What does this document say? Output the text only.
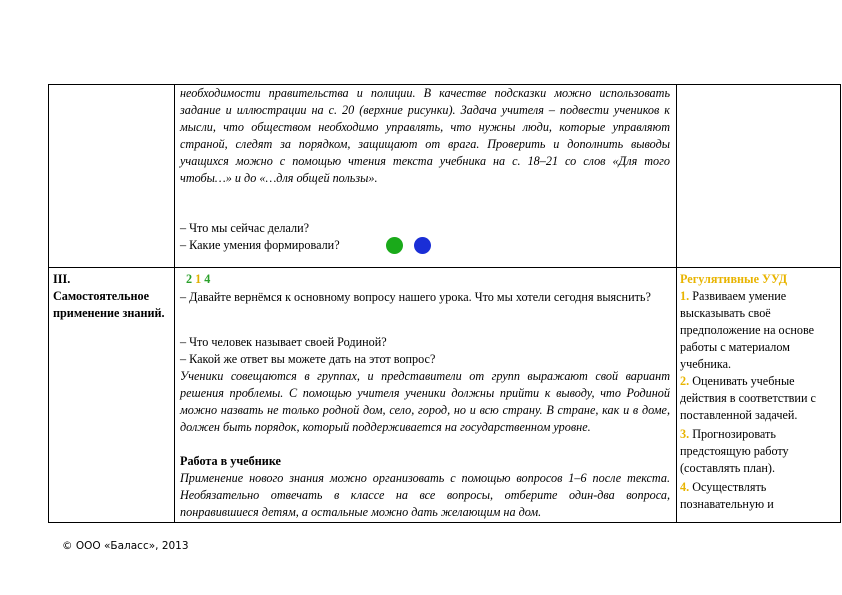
необходимости правительства и полиции. В качестве подсказки можно использовать задание и иллюстрации на с. 20 (верхние рисунки). Задача учителя – подвести учеников к мысли, что обществом необходимо управлять, что нужны люди, которые управляют страной, следят за порядком, защищают от врага. Проверить и дополнить выводы учащихся можно с помощью чтения текста учебника на с. 18–21 со слов «Для того чтобы…» и до «…для общей пользы».
– Что мы сейчас делали?
– Какие умения формировали?
III.
Самостоятельное применение знаний.
2 1 4
– Давайте вернёмся к основному вопросу нашего урока. Что мы хотели сегодня выяснить?
– Что человек называет своей Родиной?
– Какой же ответ вы можете дать на этот вопрос?
Ученики совещаются в группах, и представители от групп выражают свой вариант решения проблемы. С помощью учителя ученики должны прийти к выводу, что Родиной можно назвать не только родной дом, село, город, но и всю страну. В стране, как и в доме, должен быть порядок, который поддерживается на государственном уровне.
Работа в учебнике
Применение нового знания можно организовать с помощью вопросов 1–6 после текста. Необязательно отвечать в классе на все вопросы, отберите один-два вопроса, понравившиеся детям, а остальные можно дать желающим на дом.
Регулятивные УУД
1. Развиваем умение высказывать своё предположение на основе работы с материалом учебника.
2. Оценивать учебные действия в соответствии с поставленной задачей.
3. Прогнозировать предстоящую работу (составлять план).
4. Осуществлять познавательную и
© ООО «Баласс», 2013
